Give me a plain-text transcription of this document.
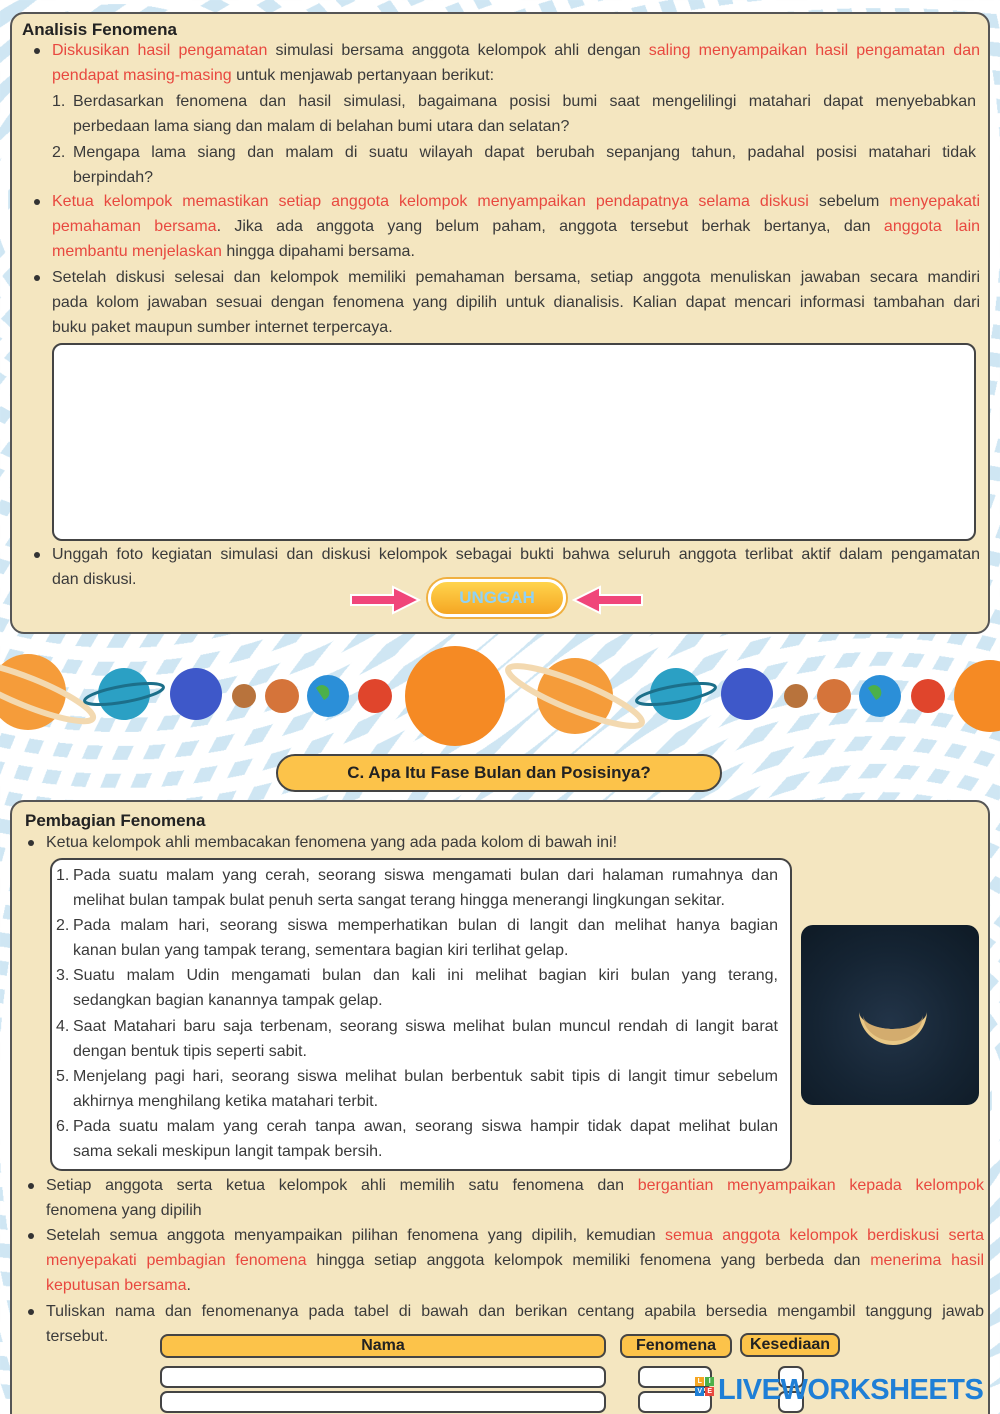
Analisis Fenomena
Diskusikan hasil pengamatan simulasi bersama anggota kelompok ahli dengan saling menyampaikan hasil pengamatan dan
pendapat masing-masing untuk menjawab pertanyaan berikut:
1. Berdasarkan fenomena dan hasil simulasi, bagaimana posisi bumi saat mengelilingi matahari dapat menyebabkan
perbedaan lama siang dan malam di belahan bumi utara dan selatan?
2. Mengapa lama siang dan malam di suatu wilayah dapat berubah sepanjang tahun, padahal posisi matahari tidak
berpindah?
Ketua kelompok memastikan setiap anggota kelompok menyampaikan pendapatnya selama diskusi sebelum menyepakati
pemahaman bersama. Jika ada anggota yang belum paham, anggota tersebut berhak bertanya, dan anggota lain
membantu menjelaskan hingga dipahami bersama.
Setelah diskusi selesai dan kelompok memiliki pemahaman bersama, setiap anggota menuliskan jawaban secara mandiri
pada kolom jawaban sesuai dengan fenomena yang dipilih untuk dianalisis. Kalian dapat mencari informasi tambahan dari
buku paket maupun sumber internet terpercaya.
Unggah foto kegiatan simulasi dan diskusi kelompok sebagai bukti bahwa seluruh anggota terlibat aktif dalam pengamatan
dan diskusi.
UNGGAH
C. Apa Itu Fase Bulan dan Posisinya?
Pembagian Fenomena
Ketua kelompok ahli membacakan fenomena yang ada pada kolom di bawah ini!
1. Pada suatu malam yang cerah, seorang siswa mengamati bulan dari halaman rumahnya dan
melihat bulan tampak bulat penuh serta sangat terang hingga menerangi lingkungan sekitar.
2. Pada malam hari, seorang siswa memperhatikan bulan di langit dan melihat hanya bagian
kanan bulan yang tampak terang, sementara bagian kiri terlihat gelap.
3. Suatu malam Udin mengamati bulan dan kali ini melihat bagian kiri bulan yang terang,
sedangkan bagian kanannya tampak gelap.
4. Saat Matahari baru saja terbenam, seorang siswa melihat bulan muncul rendah di langit barat
dengan bentuk tipis seperti sabit.
5. Menjelang pagi hari, seorang siswa melihat bulan berbentuk sabit tipis di langit timur sebelum
akhirnya menghilang ketika matahari terbit.
6. Pada suatu malam yang cerah tanpa awan, seorang siswa hampir tidak dapat melihat bulan
sama sekali meskipun langit tampak bersih.
Setiap anggota serta ketua kelompok ahli memilih satu fenomena dan bergantian menyampaikan kepada kelompok
fenomena yang dipilih
Setelah semua anggota menyampaikan pilihan fenomena yang dipilih, kemudian semua anggota kelompok berdiskusi serta
menyepakati pembagian fenomena hingga setiap anggota kelompok memiliki fenomena yang berbeda dan menerima hasil
keputusan bersama.
Tuliskan nama dan fenomenanya pada tabel di bawah dan berikan centang apabila bersedia mengambil tanggung jawab
tersebut.
Nama	Fenomena	Kesediaan
L	I
V E LIVEWORKSHEETS
